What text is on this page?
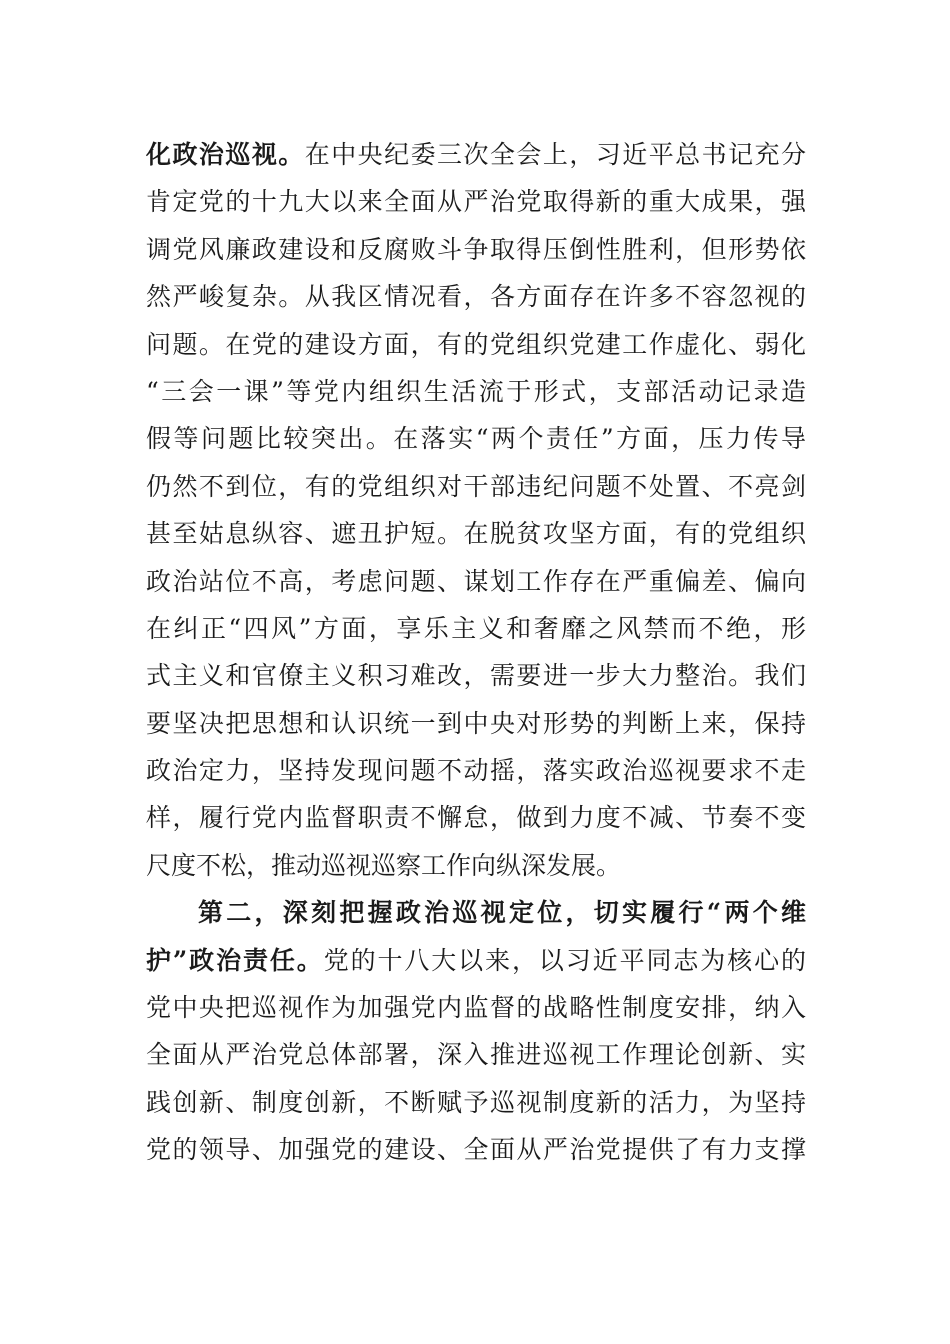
化政治巡视。在中央纪委三次全会上，习近平总书记充分
肯定党的十九大以来全面从严治党取得新的重大成果，强
调党风廉政建设和反腐败斗争取得压倒性胜利，但形势依
然严峻复杂。从我区情况看，各方面存在许多不容忽视的
问题。在党的建设方面，有的党组织党建工作虚化、弱化
“三会一课”等党内组织生活流于形式，支部活动记录造
假等问题比较突出。在落实“两个责任”方面，压力传导
仍然不到位，有的党组织对干部违纪问题不处置、不亮剑
甚至姑息纵容、遮丑护短。在脱贫攻坚方面，有的党组织
政治站位不高，考虑问题、谋划工作存在严重偏差、偏向
在纠正“四风”方面，享乐主义和奢靡之风禁而不绝，形
式主义和官僚主义积习难改，需要进一步大力整治。我们
要坚决把思想和认识统一到中央对形势的判断上来，保持
政治定力，坚持发现问题不动摇，落实政治巡视要求不走
样，履行党内监督职责不懈怠，做到力度不减、节奏不变
尺度不松，推动巡视巡察工作向纵深发展。
第二，深刻把握政治巡视定位，切实履行“两个维
护”政治责任。党的十八大以来，以习近平同志为核心的
党中央把巡视作为加强党内监督的战略性制度安排，纳入
全面从严治党总体部署，深入推进巡视工作理论创新、实
践创新、制度创新，不断赋予巡视制度新的活力，为坚持
党的领导、加强党的建设、全面从严治党提供了有力支撑
